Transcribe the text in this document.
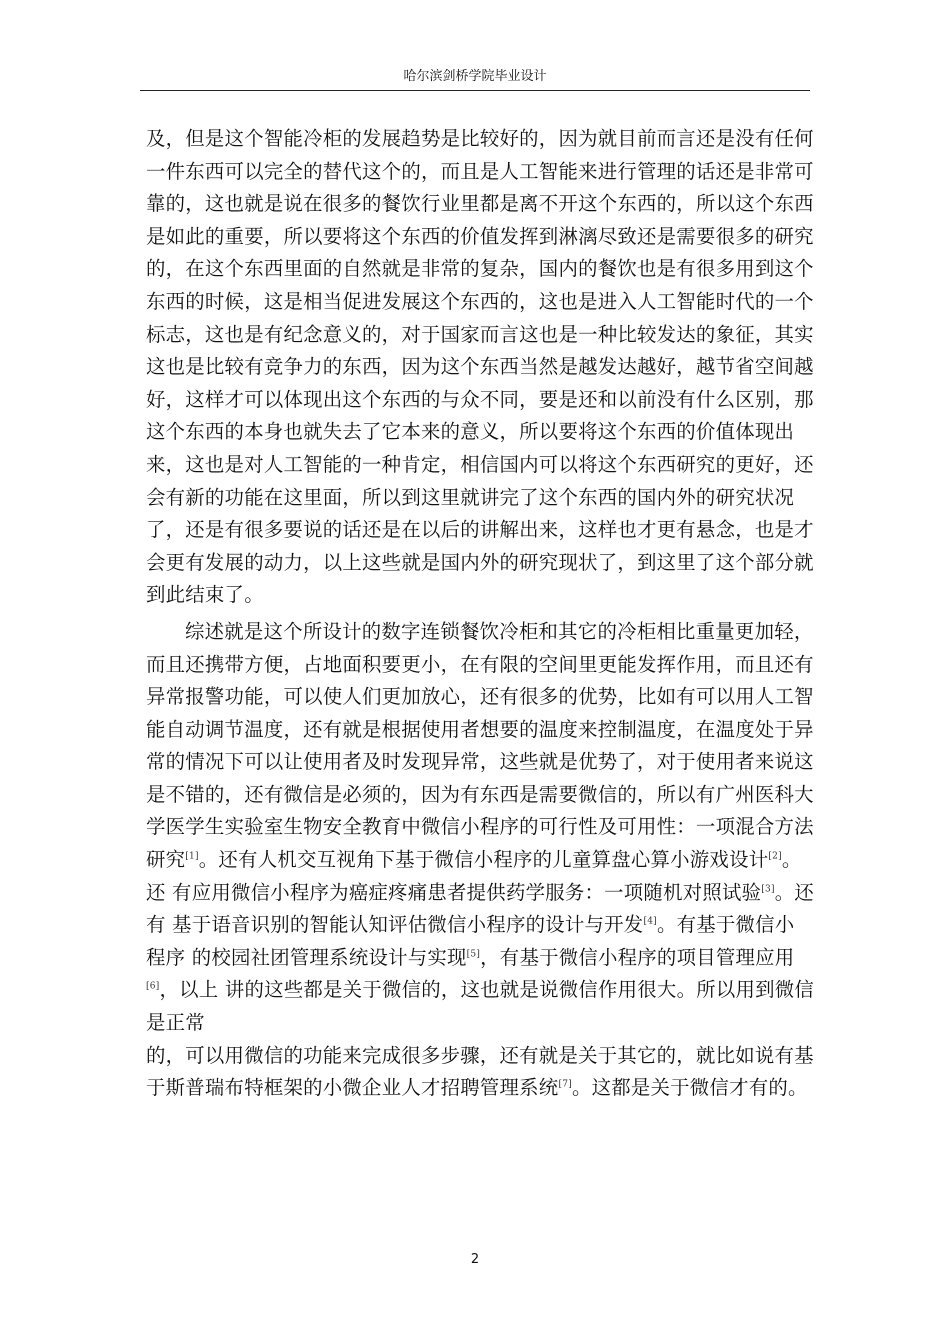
哈尔滨剑桥学院毕业设计
及，但是这个智能冷柜的发展趋势是比较好的，因为就目前而言还是没有任何
一件东西可以完全的替代这个的，而且是人工智能来进行管理的话还是非常可
靠的，这也就是说在很多的餐饮行业里都是离不开这个东西的，所以这个东西
是如此的重要，所以要将这个东西的价值发挥到淋漓尽致还是需要很多的研究
的，在这个东西里面的自然就是非常的复杂，国内的餐饮也是有很多用到这个
东西的时候，这是相当促进发展这个东西的，这也是进入人工智能时代的一个
标志，这也是有纪念意义的，对于国家而言这也是一种比较发达的象征，其实
这也是比较有竞争力的东西，因为这个东西当然是越发达越好，越节省空间越
好，这样才可以体现出这个东西的与众不同，要是还和以前没有什么区别，那
这个东西的本身也就失去了它本来的意义，所以要将这个东西的价值体现出
来，这也是对人工智能的一种肯定，相信国内可以将这个东西研究的更好，还
会有新的功能在这里面，所以到这里就讲完了这个东西的国内外的研究状况
了，还是有很多要说的话还是在以后的讲解出来，这样也才更有悬念，也是才
会更有发展的动力，以上这些就是国内外的研究现状了，到这里了这个部分就
到此结束了。
综述就是这个所设计的数字连锁餐饮冷柜和其它的冷柜相比重量更加轻，
而且还携带方便，占地面积要更小，在有限的空间里更能发挥作用，而且还有
异常报警功能，可以使人们更加放心，还有很多的优势，比如有可以用人工智
能自动调节温度，还有就是根据使用者想要的温度来控制温度，在温度处于异
常的情况下可以让使用者及时发现异常，这些就是优势了，对于使用者来说这
是不错的，还有微信是必须的，因为有东西是需要微信的，所以有广州医科大
学医学生实验室生物安全教育中微信小程序的可行性及可用性：一项混合方法
研究[1]。还有人机交互视角下基于微信小程序的儿童算盘心算小游戏设计[2]。
还 有应用微信小程序为癌症疼痛患者提供药学服务：一项随机对照试验[3]。还
有 基于语音识别的智能认知评估微信小程序的设计与开发[4]。有基于微信小
程序 的校园社团管理系统设计与实现[5]，有基于微信小程序的项目管理应用
[6]，以上 讲的这些都是关于微信的，这也就是说微信作用很大。所以用到微信
是正常
的，可以用微信的功能来完成很多步骤，还有就是关于其它的，就比如说有基
于斯普瑞布特框架的小微企业人才招聘管理系统[7]。这都是关于微信才有的。
2
